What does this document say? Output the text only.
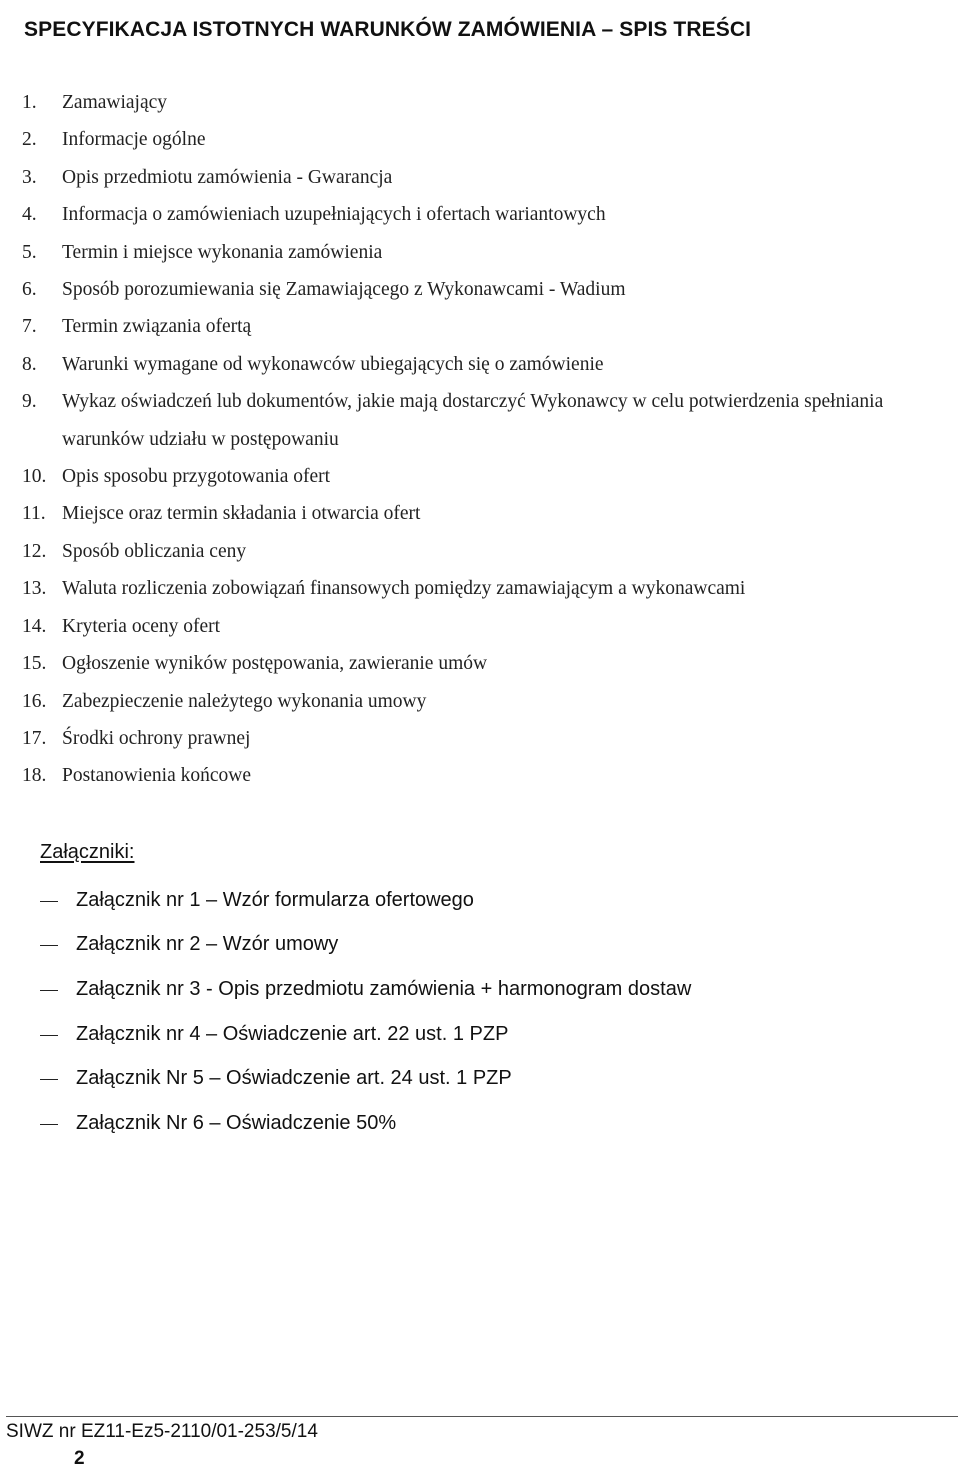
SPECYFIKACJA ISTOTNYCH WARUNKÓW ZAMÓWIENIA – SPIS TREŚCI
1.	Zamawiający
2.	Informacje ogólne
3.	Opis przedmiotu zamówienia - Gwarancja
4.	Informacja o zamówieniach uzupełniających i ofertach wariantowych
5.	Termin i miejsce wykonania zamówienia
6.	Sposób porozumiewania się Zamawiającego z Wykonawcami - Wadium
7.	Termin związania ofertą
8.	Warunki wymagane od wykonawców ubiegających się o zamówienie
9.	Wykaz oświadczeń lub dokumentów, jakie mają dostarczyć Wykonawcy w celu potwierdzenia spełniania warunków udziału w postępowaniu
10. Opis sposobu przygotowania ofert
11. Miejsce oraz termin składania i otwarcia ofert
12. Sposób obliczania ceny
13. Waluta rozliczenia zobowiązań finansowych pomiędzy zamawiającym a wykonawcami
14. Kryteria oceny ofert
15. Ogłoszenie wyników postępowania, zawieranie umów
16. Zabezpieczenie należytego wykonania umowy
17. Środki ochrony prawnej
18. Postanowienia końcowe
Załączniki:
Załącznik nr 1 – Wzór formularza ofertowego
Załącznik nr 2 – Wzór umowy
Załącznik nr 3 - Opis przedmiotu zamówienia + harmonogram dostaw
Załącznik nr 4 – Oświadczenie art. 22 ust. 1 PZP
Załącznik Nr 5 – Oświadczenie art. 24 ust. 1 PZP
Załącznik Nr 6 – Oświadczenie 50%
SIWZ nr EZ11-Ez5-2110/01-253/5/14
2
